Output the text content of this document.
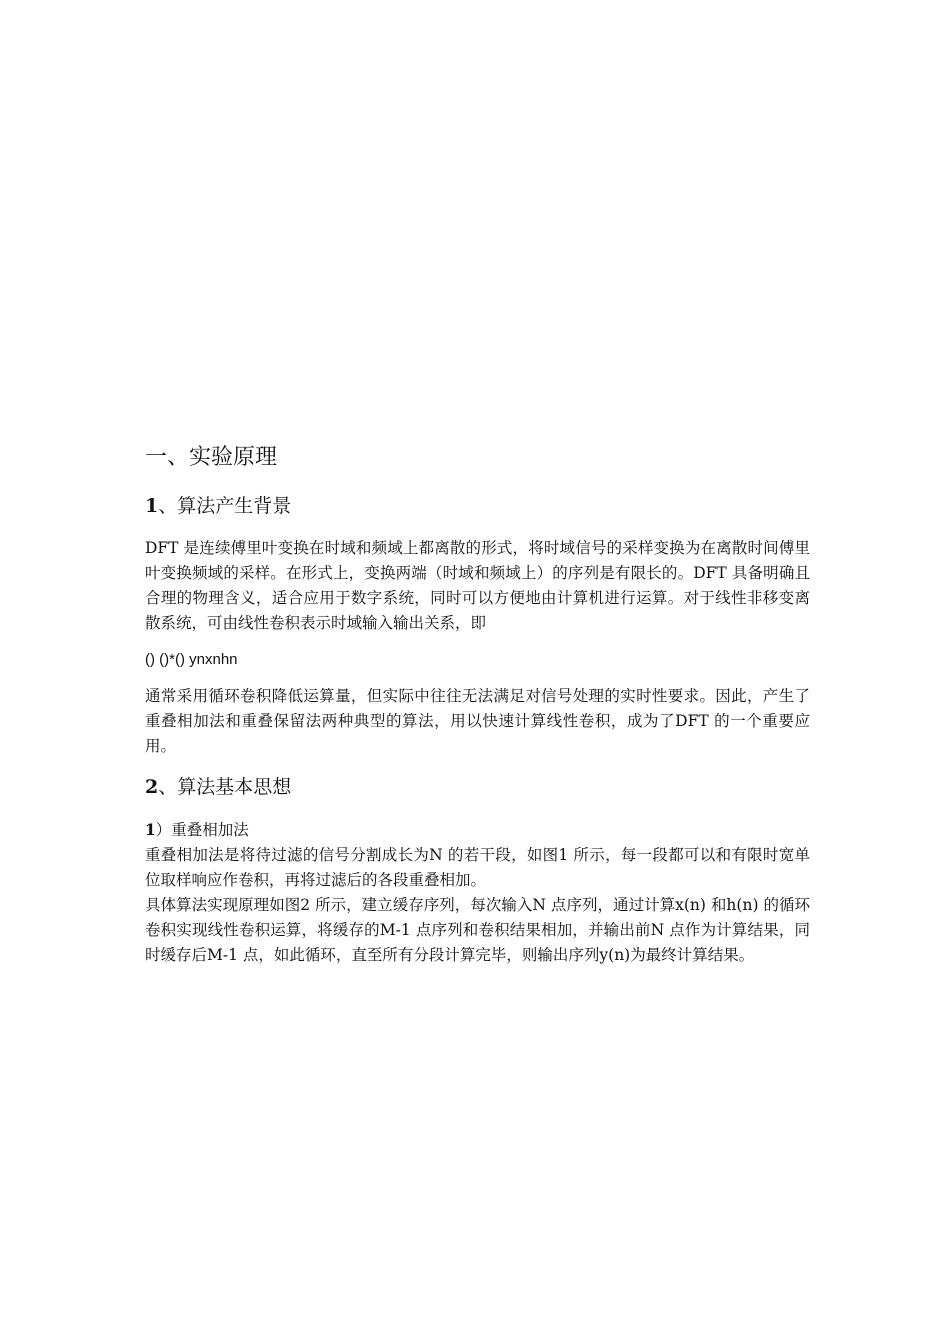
一、实验原理
1、算法产生背景

DFT 是连续傅里叶变换在时域和频域上都离散的形式，将时域信号的采样变换为在离散时间傅里叶变换频域的采样。在形式上，变换两端（时域和频域上）的序列是有限长的。DFT 具备明确且合理的物理含义，适合应用于数字系统，同时可以方便地由计算机进行运算。对于线性非移变离散系统，可由线性卷积表示时域输入输出关系，即

() ()*() ynxnhn

通常采用循环卷积降低运算量，但实际中往往无法满足对信号处理的实时性要求。因此，产生了重叠相加法和重叠保留法两种典型的算法，用以快速计算线性卷积，成为了DFT 的一个重要应用。

2、算法基本思想
1）重叠相加法

重叠相加法是将待过滤的信号分割成长为N 的若干段，如图1 所示，每一段都可以和有限时宽单位取样响应作卷积，再将过滤后的各段重叠相加。

具体算法实现原理如图2 所示，建立缓存序列，每次输入N 点序列，通过计算x(n) 和h(n) 的循环卷积实现线性卷积运算，将缓存的M-1 点序列和卷积结果相加，并输出前N 点作为计算结果，同时缓存后M-1 点，如此循环，直至所有分段计算完毕，则输出序列y(n)为最终计算结果。
